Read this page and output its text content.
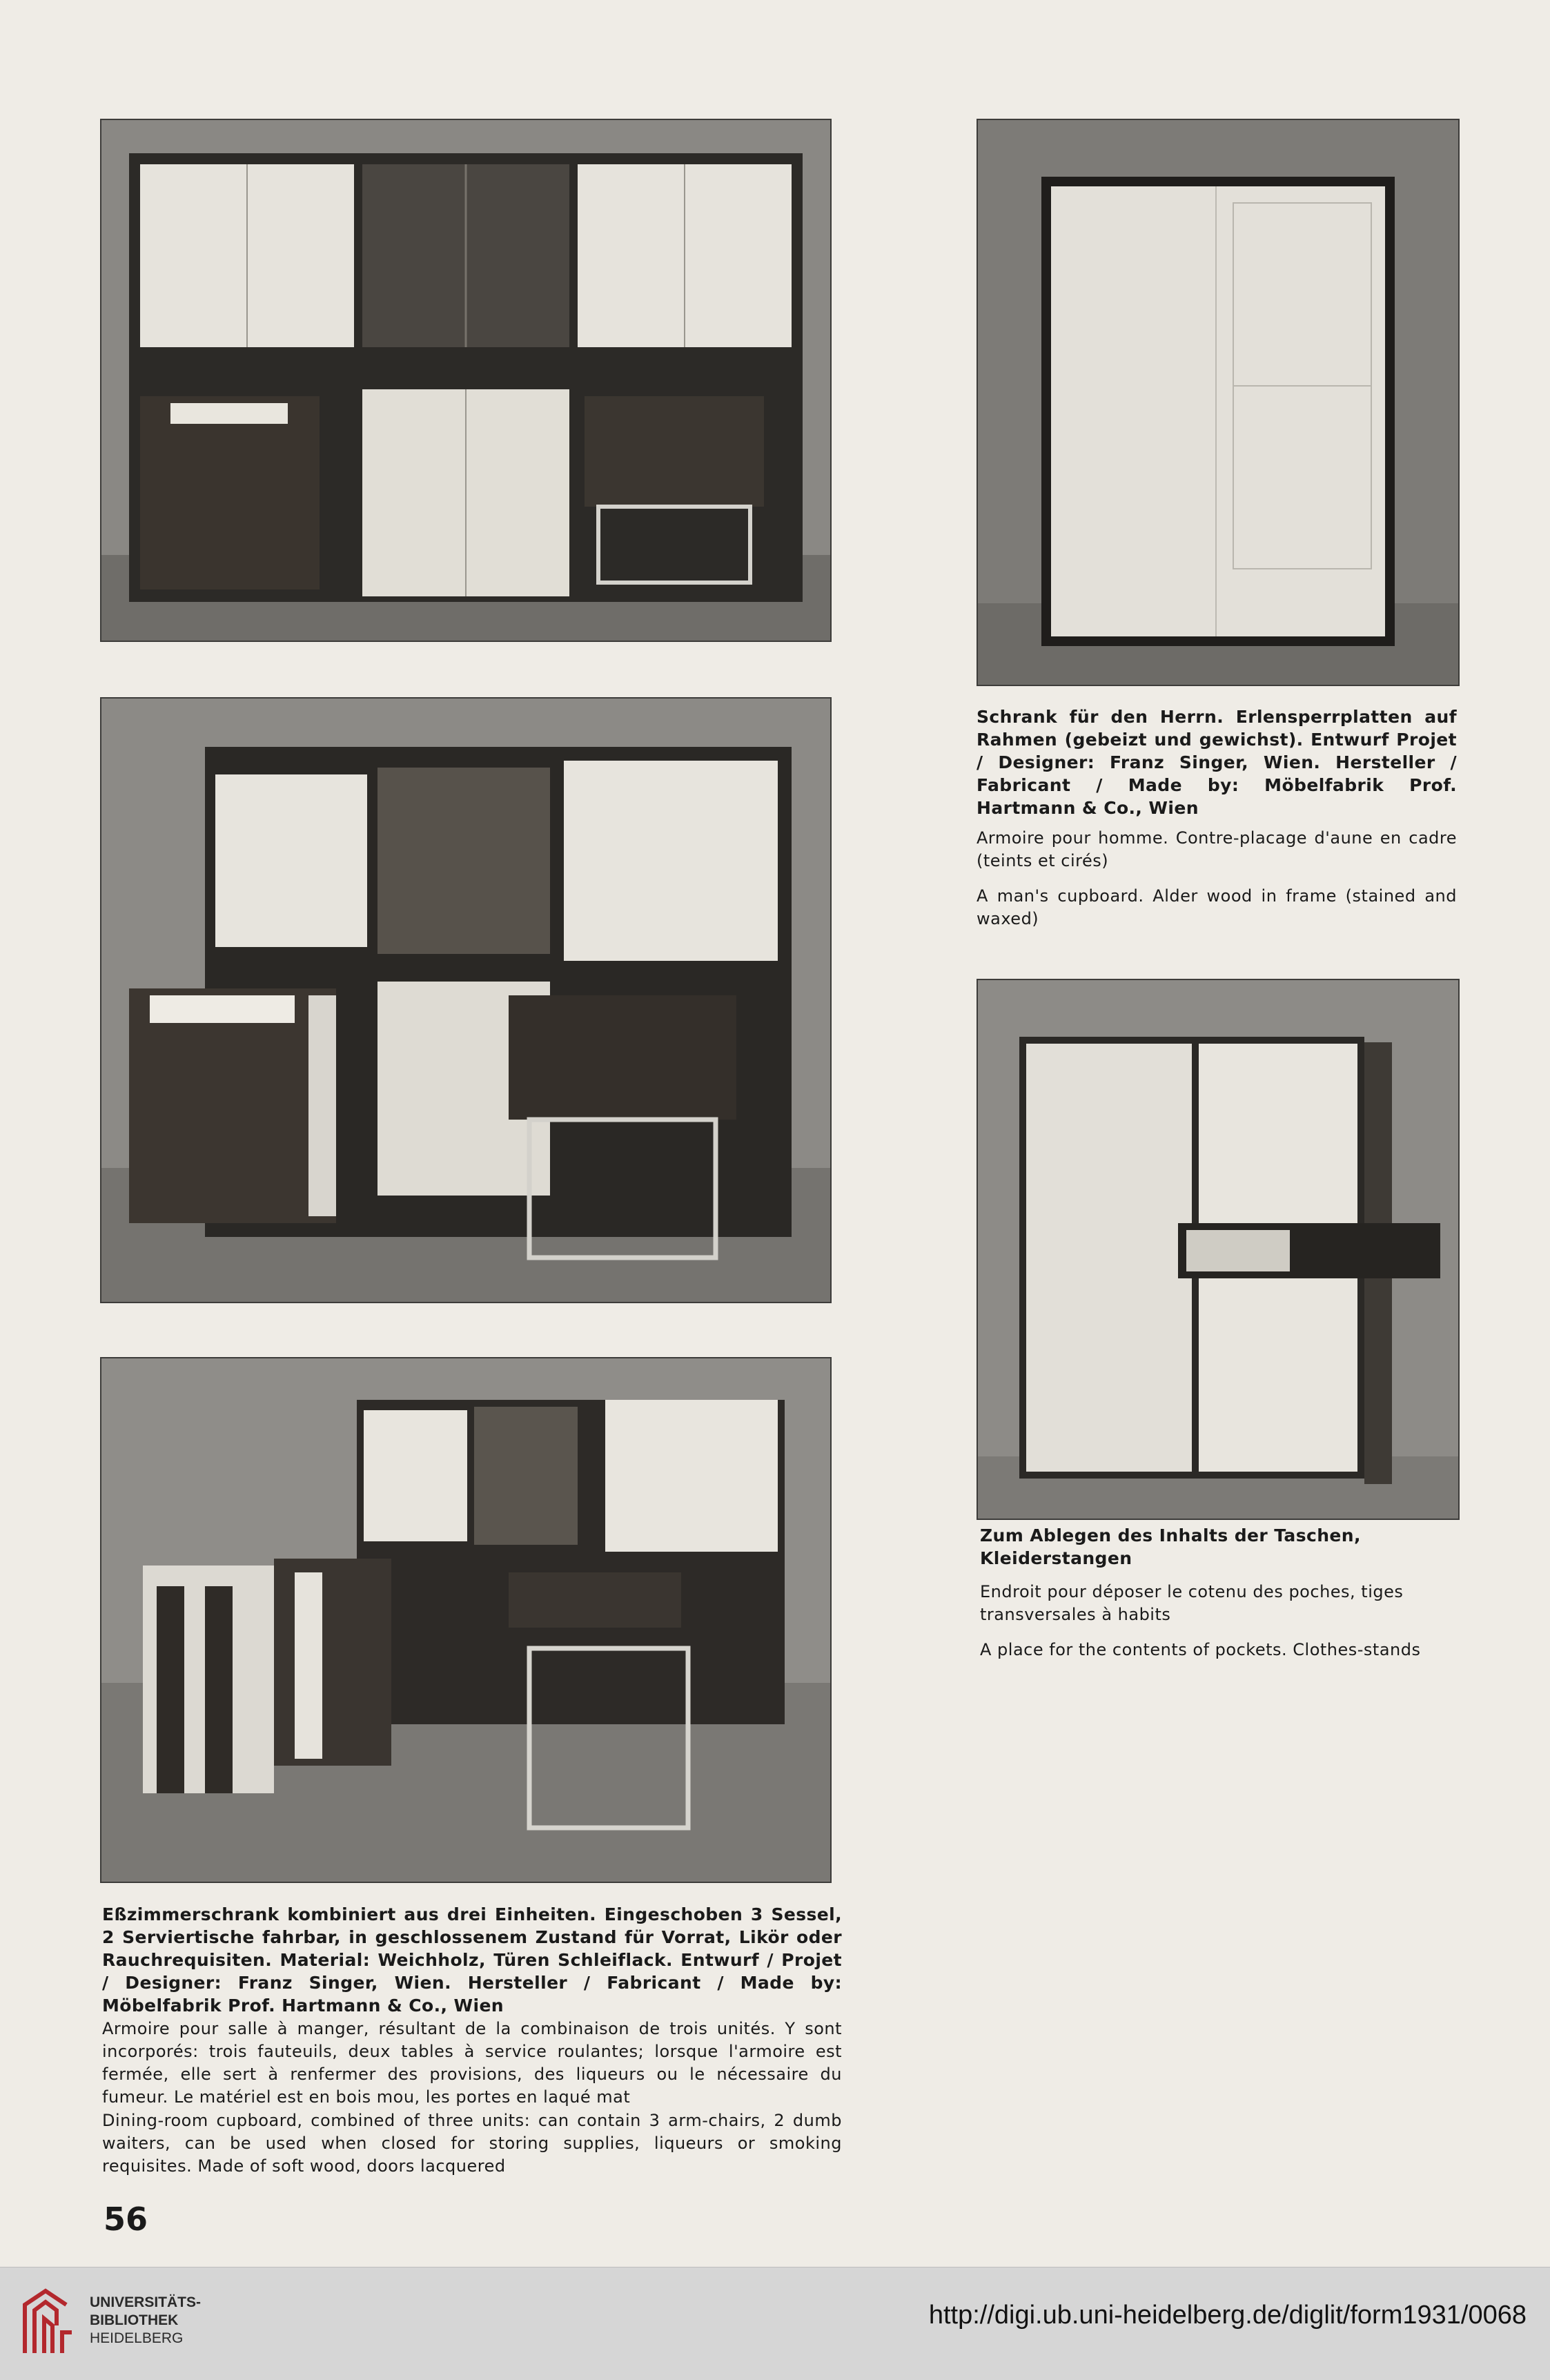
Schrank für den Herrn. Erlensperrplatten auf Rahmen (gebeizt und gewichst). Entwurf Projet / Designer: Franz Singer, Wien. Hersteller / Fabricant / Made by: Möbelfabrik Prof. Hartmann & Co., Wien
Armoire pour homme. Contre-placage d'aune en cadre (teints et cirés)
A man's cupboard. Alder wood in frame (stained and waxed)
Zum Ablegen des Inhalts der Taschen, Kleiderstangen
Endroit pour déposer le cotenu des poches, tiges transversales à habits
A place for the contents of pockets. Clothes-stands
Eßzimmerschrank kombiniert aus drei Einheiten. Eingeschoben 3 Sessel, 2 Serviertische fahrbar, in geschlossenem Zustand für Vorrat, Likör oder Rauchrequisiten. Material: Weichholz, Türen Schleiflack. Entwurf / Projet / Designer: Franz Singer, Wien. Hersteller / Fabricant / Made by: Möbelfabrik Prof. Hartmann & Co., Wien
Armoire pour salle à manger, résultant de la combinaison de trois unités. Y sont incorporés: trois fauteuils, deux tables à service roulantes; lorsque l'armoire est fermée, elle sert à renfermer des provisions, des liqueurs ou le nécessaire du fumeur. Le matériel est en bois mou, les portes en laqué mat
Dining-room cupboard, combined of three units: can contain 3 arm-chairs, 2 dumb waiters, can be used when closed for storing supplies, liqueurs or smoking requisites. Made of soft wood, doors lacquered
56
UNIVERSITÄTS-
BIBLIOTHEK
HEIDELBERG
http://digi.ub.uni-heidelberg.de/diglit/form1931/0068
